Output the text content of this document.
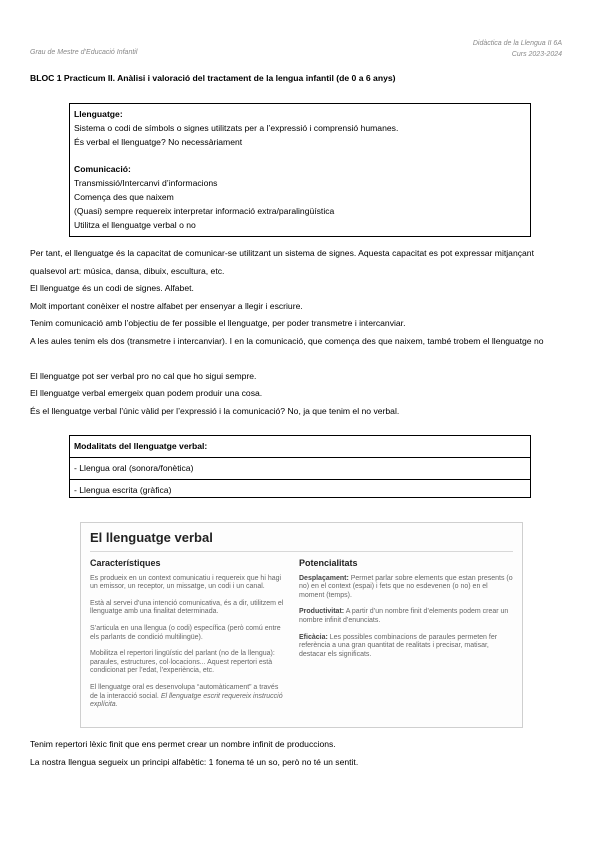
Didàctica de la Llengua II 6A
Curs 2023-2024
Grau de Mestre d’Educació Infantil
BLOC 1 Practicum II. Anàlisi i valoració del tractament de la lengua infantil (de 0 a 6 anys)
Llenguatge:
Sistema o codi de símbols o signes utilitzats per a l’expressió i comprensió humanes.
És verbal el llenguatge? No necessàriament
Comunicació:
Transmissió/Intercanvi d’informacions
Comença des que naixem
(Quasi) sempre requereix interpretar informació extra/paralingüística
Utilitza el llenguatge verbal o no
Per tant, el llenguatge és la capacitat de comunicar-se utilitzant un sistema de signes. Aquesta capacitat es pot expressar mitjançant qualsevol art: música, dansa, dibuix, escultura, etc.
El llenguatge és un codi de signes. Alfabet.
Molt important conèixer el nostre alfabet per ensenyar a llegir i escriure.
Tenim comunicació amb l’objectiu de fer possible el llenguatge, per poder transmetre i intercanviar.
A les aules tenim els dos (transmetre i intercanviar). I en la comunicació, que comença des que naixem, també trobem el llenguatge no
El llenguatge pot ser verbal pro no cal que ho sigui sempre.
El llenguatge verbal emergeix quan podem produir una cosa.
És el llenguatge verbal l’únic vàlid per l’expressió i la comunicació? No, ja que tenim el no verbal.
Modalitats del llenguatge verbal:
- Llengua oral (sonora/fonètica)
- Llengua escrita (gràfica)
El llenguatge verbal
Característiques

Es produeix en un context comunicatiu i requereix que hi hagi un emissor, un receptor, un missatge, un codi i un canal.

Està al servei d’una intenció comunicativa, és a dir, utilitzem el llenguatge amb una finalitat determinada.

S’articula en una llengua (o codi) específica (però comú entre els parlants de condició multilingüe).

Mobilitza el repertori lingüístic del parlant (no de la llengua): paraules, estructures, col·locacions... Aquest repertori està condicionat per l’edat, l’experiència, etc.

El llenguatge oral es desenvolupa “automàticament” a través de la interacció social. El llenguatge escrit requereix instrucció explícita.

Potencialitats

Desplaçament: Permet parlar sobre elements que estan presents (o no) en el context (espai) i fets que no esdevenen (o no) en el moment (temps).

Productivitat: A partir d’un nombre finit d’elements podem crear un nombre infinit d’enunciats.

Eficàcia: Les possibles combinacions de paraules permeten fer referència a una gran quantitat de realitats i precisar, matisar, destacar els significats.

Tenim repertori lèxic finit que ens permet crear un nombre infinit de produccions.
La nostra llengua segueix un principi alfabètic: 1 fonema té un so, però no té un sentit.
